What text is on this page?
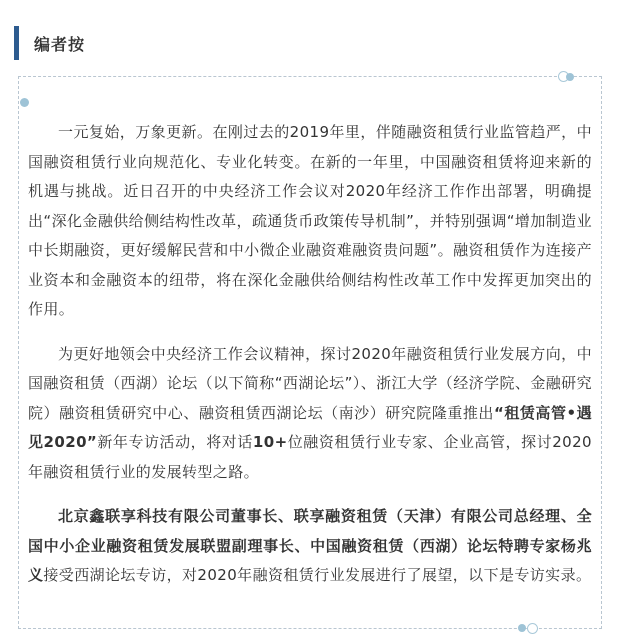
编者按

一元复始，万象更新。在刚过去的2019年里，伴随融资租赁行业监管趋严，中国融资租赁行业向规范化、专业化转变。在新的一年里，中国融资租赁将迎来新的机遇与挑战。近日召开的中央经济工作会议对2020年经济工作作出部署，明确提出“深化金融供给侧结构性改革，疏通货币政策传导机制”，并特别强调“增加制造业中长期融资，更好缓解民营和中小微企业融资难融资贵问题”。融资租赁作为连接产业资本和金融资本的纽带，将在深化金融供给侧结构性改革工作中发挥更加突出的作用。

为更好地领会中央经济工作会议精神，探讨2020年融资租赁行业发展方向，中国融资租赁（西湖）论坛（以下简称“西湖论坛”）、浙江大学（经济学院、金融研究院）融资租赁研究中心、融资租赁西湖论坛（南沙）研究院隆重推出“租赁高管•遇见2020”新年专访活动，将对话10+位融资租赁行业专家、企业高管，探讨2020年融资租赁行业的发展转型之路。

北京鑫联享科技有限公司董事长、联享融资租赁（天津）有限公司总经理、全国中小企业融资租赁发展联盟副理事长、中国融资租赁（西湖）论坛特聘专家杨兆义接受西湖论坛专访，对2020年融资租赁行业发展进行了展望，以下是专访实录。
